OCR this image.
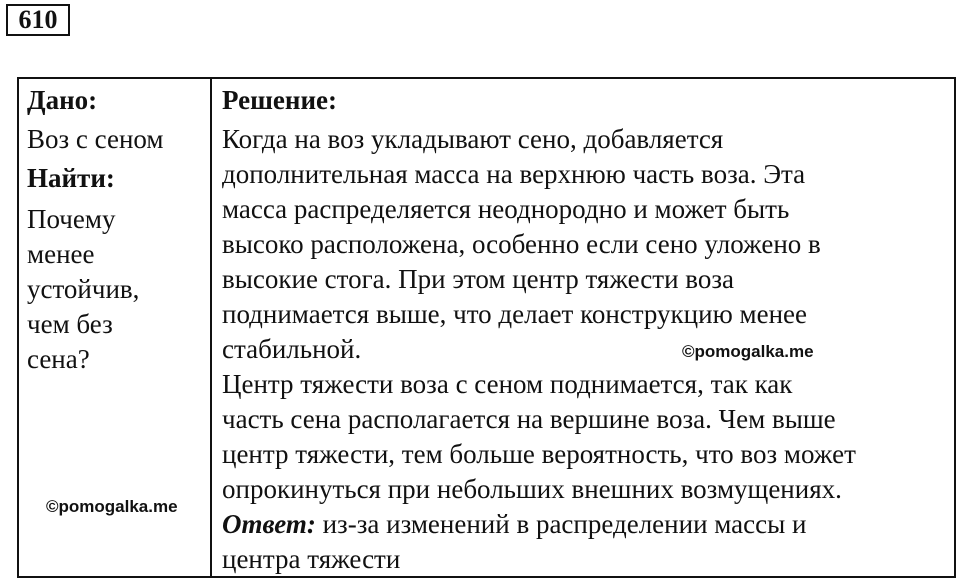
610
Дано:
Воз с сеном
Найти:
Почему
менее
устойчив,
чем без
сена?
Решение:
Когда на воз укладывают сено, добавляется
дополнительная масса на верхнюю часть воза. Эта
масса распределяется неоднородно и может быть
высоко расположена, особенно если сено уложено в
высокие стога. При этом центр тяжести воза
поднимается выше, что делает конструкцию менее
стабильной.
Центр тяжести воза с сеном поднимается, так как
часть сена располагается на вершине воза. Чем выше
центр тяжести, тем больше вероятность, что воз может
опрокинуться при небольших внешних возмущениях.
Ответ: из-за изменений в распределении массы и
центра тяжести
©pomogalka.me
©pomogalka.me
